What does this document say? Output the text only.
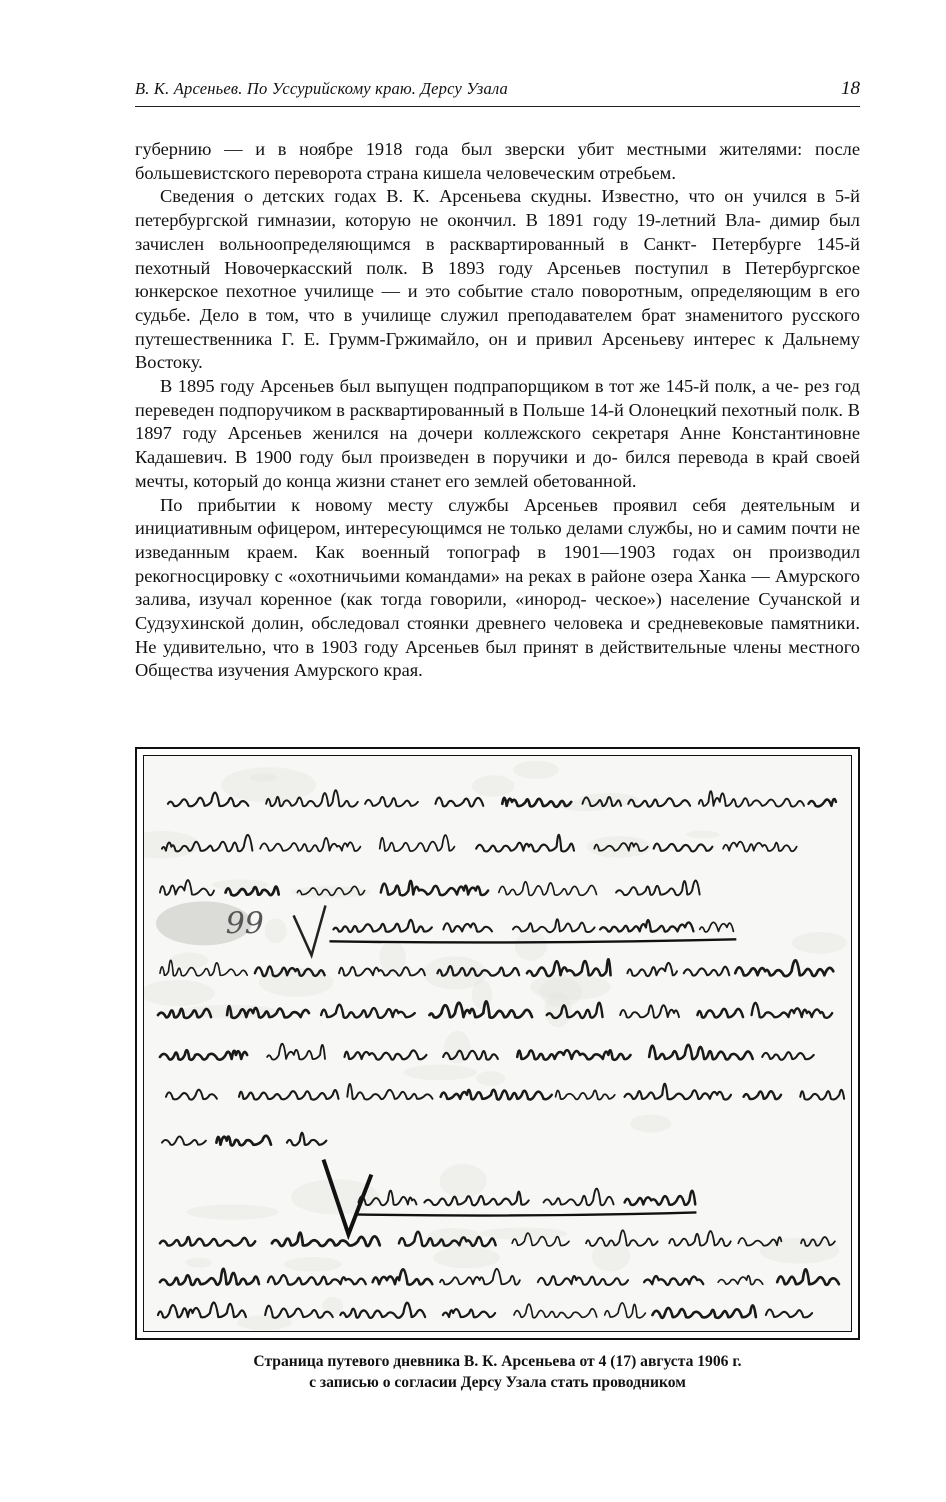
В. К. Арсеньев. По Уссурийскому краю. Дерсу Узала	18

губернию — и в ноябре 1918 года был зверски убит местными жителями: после большевистского переворота страна кишела человеческим отребьем.

Сведения о детских годах В. К. Арсеньева скудны. Известно, что он учился в 5-й петербургской гимназии, которую не окончил. В 1891 году 19-летний Вла- димир был зачислен вольноопределяющимся в расквартированный в Санкт- Петербурге 145-й пехотный Новочеркасский полк. В 1893 году Арсеньев поступил в Петербургское юнкерское пехотное училище — и это событие стало поворотным, определяющим в его судьбе. Дело в том, что в училище служил преподавателем брат знаменитого русского путешественника Г. Е. Грумм-Гржимайло, он и привил Арсеньеву интерес к Дальнему Востоку.

В 1895 году Арсеньев был выпущен подпрапорщиком в тот же 145-й полк, а че- рез год переведен подпоручиком в расквартированный в Польше 14-й Олонецкий пехотный полк. В 1897 году Арсеньев женился на дочери коллежского секретаря Анне Константиновне Кадашевич. В 1900 году был произведен в поручики и до- бился перевода в край своей мечты, который до конца жизни станет его землей обетованной.

По прибытии к новому месту службы Арсеньев проявил себя деятельным и инициативным офицером, интересующимся не только делами службы, но и самим почти не изведанным краем. Как военный топограф в 1901—1903 годах он производил рекогносцировку с «охотничьими командами» на реках в районе озера Ханка — Амурского залива, изучал коренное (как тогда говорили, «инород- ческое») население Сучанской и Судзухинской долин, обследовал стоянки древнего человека и средневековые памятники. Не удивительно, что в 1903 году Арсеньев был принят в действительные члены местного Общества изучения Амурского края.

99
Страница путевого дневника В. К. Арсеньева от 4 (17) августа 1906 г.
с записью о согласии Дерсу Узала стать проводником
